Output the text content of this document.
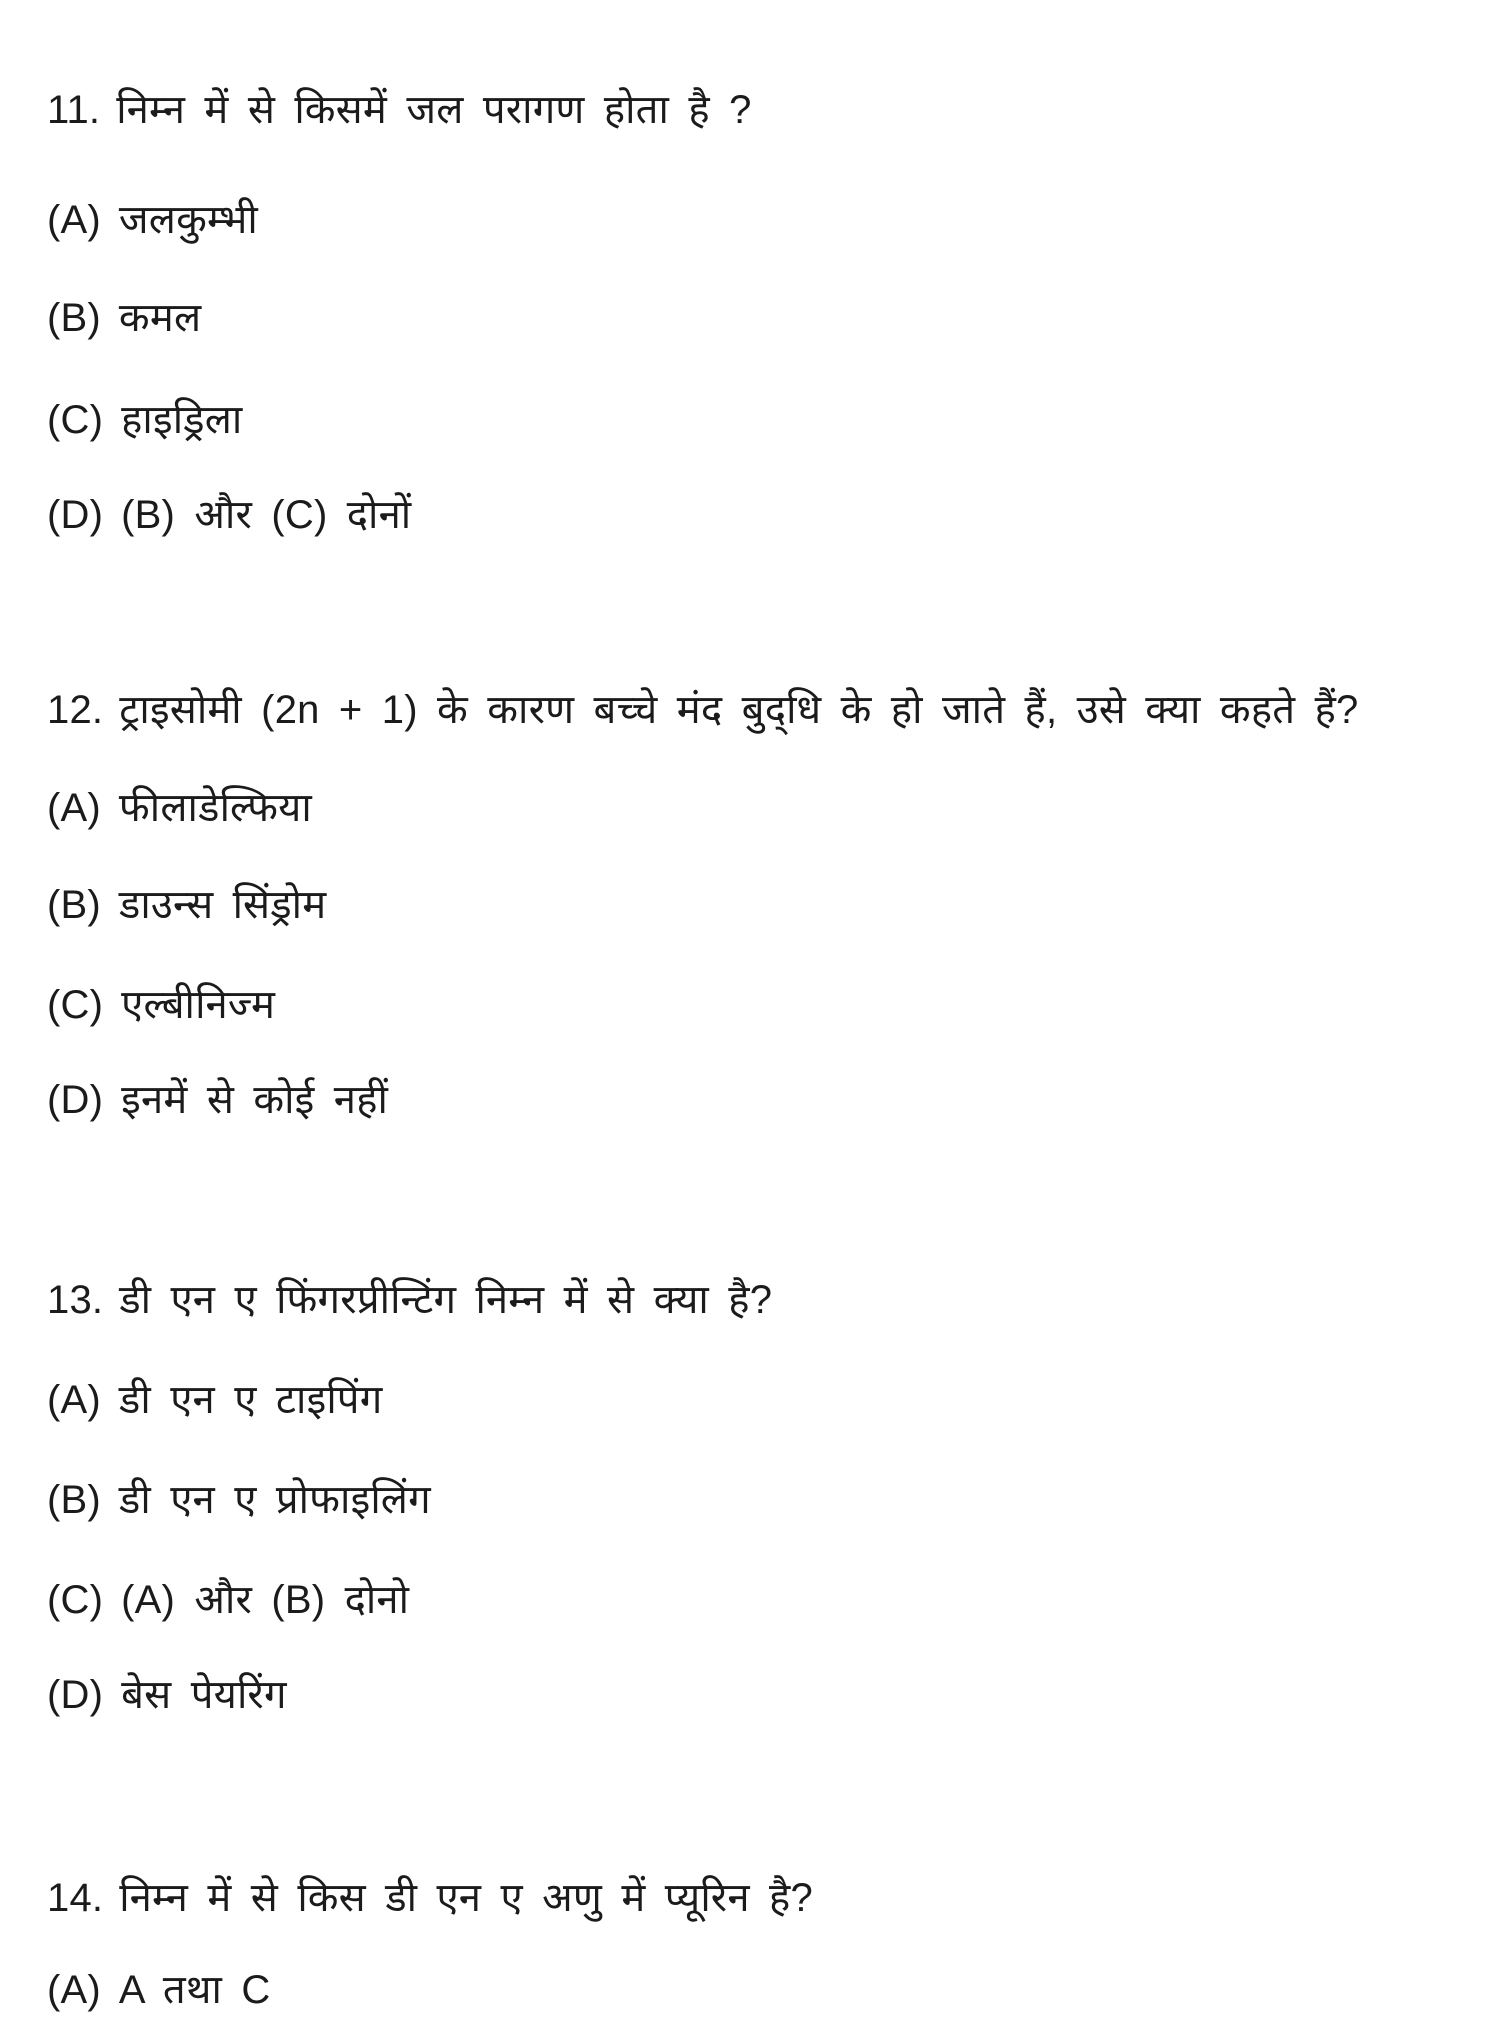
11. निम्न में से किसमें जल परागण होता है ?
(A) जलकुम्भी
(B) कमल
(C) हाइड्रिला
(D) (B) और (C) दोनों
12. ट्राइसोमी (2n + 1) के कारण बच्चे मंद बुद्‌धि के हो जाते हैं, उसे क्या कहते हैं?
(A) फीलाडेल्फिया
(B) डाउन्स सिंड्रोम
(C) एल्बीनिज्म
(D) इनमें से कोई नहीं
13. डी एन ए फिंगरप्रीन्टिंग निम्न में से क्या है?
(A) डी एन ए टाइपिंग
(B) डी एन ए प्रोफाइलिंग
(C) (A) और (B) दोनो
(D) बेस पेयरिंग
14. निम्न में से किस डी एन ए अणु में प्यूरिन है?
(A) A तथा C
